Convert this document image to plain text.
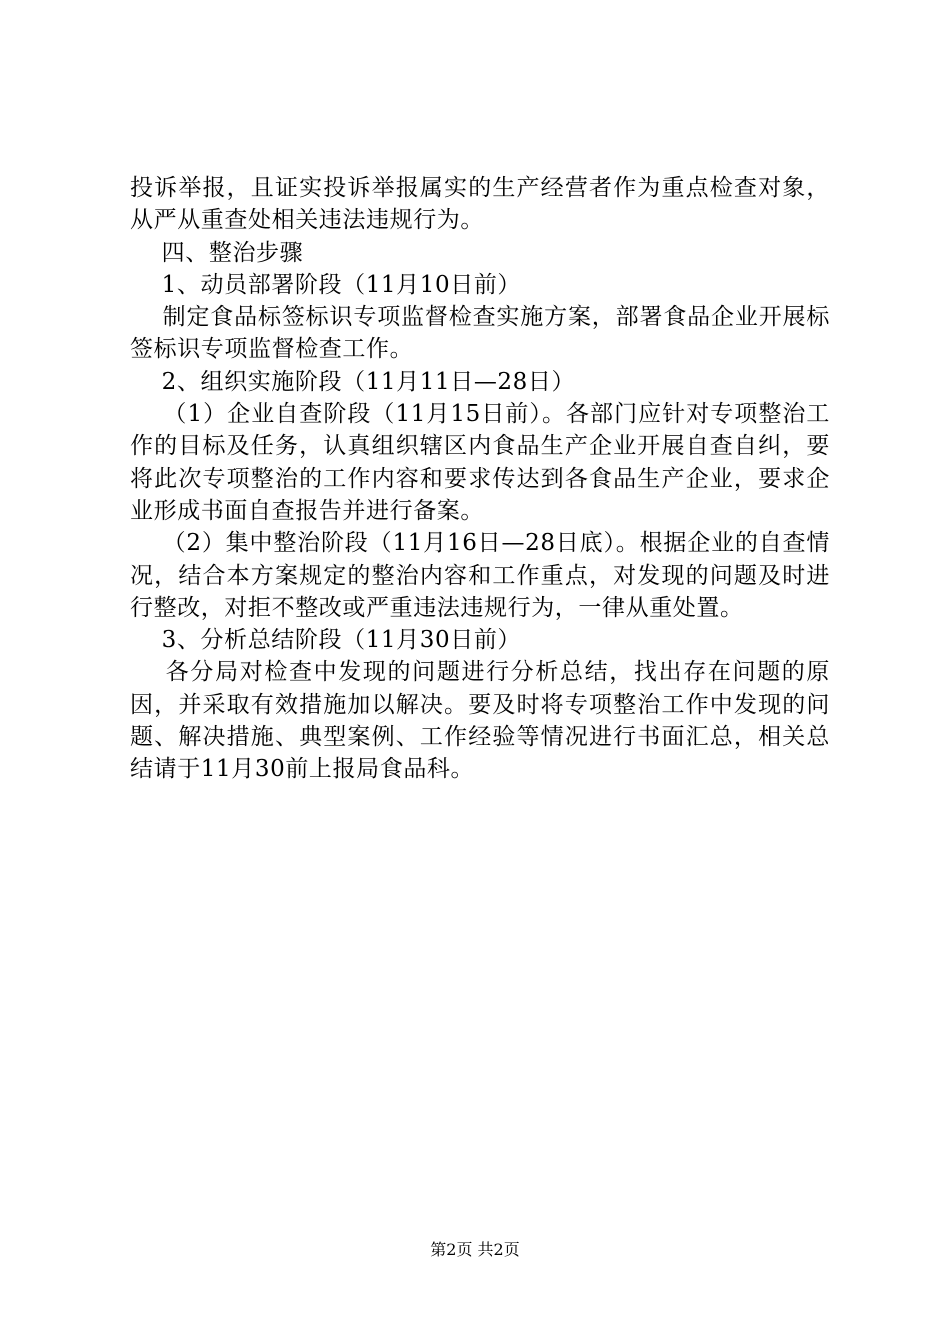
投诉举报，且证实投诉举报属实的生产经营者作为重点检查对象，从严从重查处相关违法违规行为。

四、整治步骤

1、动员部署阶段（11月10日前）

制定食品标签标识专项监督检查实施方案，部署食品企业开展标签标识专项监督检查工作。

2、组织实施阶段（11月11日—28日）

（1）企业自查阶段（11月15日前）。各部门应针对专项整治工作的目标及任务，认真组织辖区内食品生产企业开展自查自纠，要将此次专项整治的工作内容和要求传达到各食品生产企业，要求企业形成书面自查报告并进行备案。

（2）集中整治阶段（11月16日—28日底）。根据企业的自查情况，结合本方案规定的整治内容和工作重点，对发现的问题及时进行整改，对拒不整改或严重违法违规行为，一律从重处置。

3、分析总结阶段（11月30日前）

各分局对检查中发现的问题进行分析总结，找出存在问题的原因，并采取有效措施加以解决。要及时将专项整治工作中发现的问题、解决措施、典型案例、工作经验等情况进行书面汇总，相关总结请于11月30前上报局食品科。

第2页 共2页
